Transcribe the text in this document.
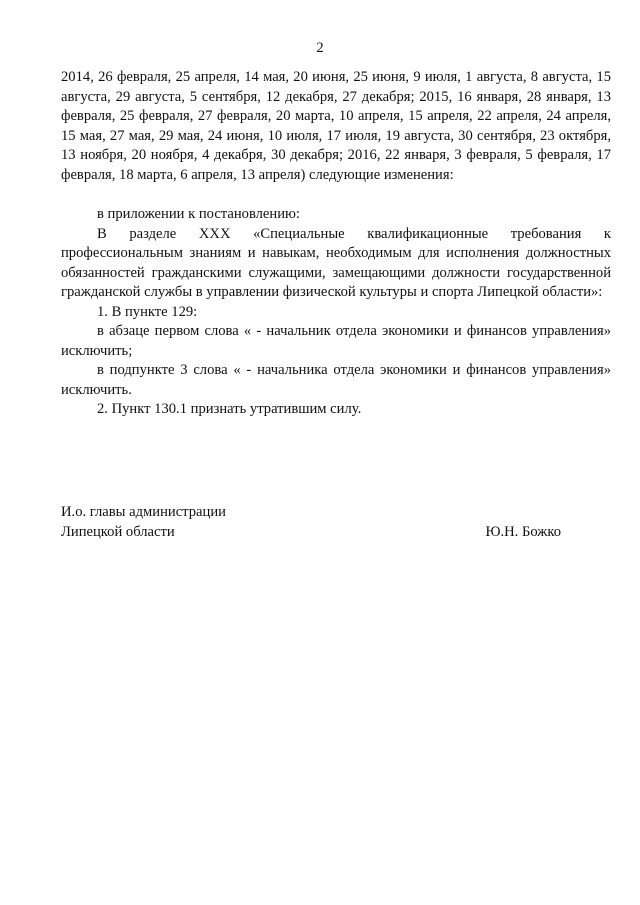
2

2014, 26 февраля, 25 апреля, 14 мая, 20 июня, 25 июня, 9 июля, 1 августа, 8 августа, 15 августа, 29 августа, 5 сентября, 12 декабря, 27 декабря; 2015, 16 января, 28 января, 13 февраля, 25 февраля, 27 февраля, 20 марта, 10 апреля, 15 апреля, 22 апреля, 24 апреля, 15 мая, 27 мая, 29 мая, 24 июня, 10 июля, 17 июля, 19 августа, 30 сентября, 23 октября, 13 ноября, 20 ноября, 4 декабря, 30 декабря; 2016, 22 января, 3 февраля, 5 февраля, 17 февраля, 18 марта, 6 апреля, 13 апреля) следующие изменения:

в приложении к постановлению:

В разделе XXX «Специальные квалификационные требования к профессиональным знаниям и навыкам, необходимым для исполнения должностных обязанностей гражданскими служащими, замещающими должности государственной гражданской службы в управлении физической культуры и спорта Липецкой области»:

1. В пункте 129:

в абзаце первом слова « - начальник отдела экономики и финансов управления» исключить;

в подпункте 3 слова « - начальника отдела экономики и финансов управления» исключить.

2. Пункт 130.1 признать утратившим силу.

И.о. главы администрации
Липецкой области	Ю.Н. Божко
